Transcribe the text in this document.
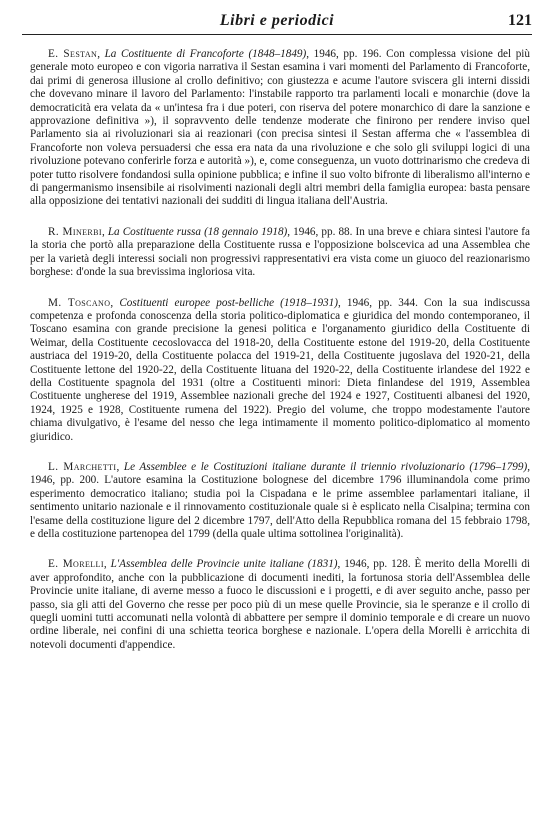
Libri e periodici	121

E. Sestan, La Costituente di Francoforte (1848–1849), 1946, pp. 196. Con complessa visione del più generale moto europeo e con vigoria narrativa il Sestan esamina i vari momenti del Parlamento di Francoforte, dai primi di generosa illusione al crollo definitivo; con giustezza e acume l'autore sviscera gli interni dissidi che dovevano minare il lavoro del Parlamento: l'instabile rapporto tra parlamenti locali e monarchie (dove la democraticità era velata da « un'intesa fra i due poteri, con riserva del potere monarchico di dare la sanzione e approvazione definitiva »), il sopravvento delle tendenze moderate che finirono per rendere inviso quel Parlamento sia ai rivoluzionari sia ai reazionari (con precisa sintesi il Sestan afferma che « l'assemblea di Francoforte non voleva persuadersi che essa era nata da una rivoluzione e che solo gli sviluppi logici di una rivoluzione potevano conferirle forza e autorità »), e, come conseguenza, un vuoto dottrinarismo che credeva di poter tutto risolvere fondandosi sulla opinione pubblica; e infine il suo volto bifronte di liberalismo all'interno e di pangermanismo insensibile ai risolvimenti nazionali degli altri membri della famiglia europea: basta pensare alla opposizione dei tentativi nazionali dei sudditi di lingua italiana dell'Austria.

R. Minerbi, La Costituente russa (18 gennaio 1918), 1946, pp. 88. In una breve e chiara sintesi l'autore fa la storia che portò alla preparazione della Costituente russa e l'opposizione bolscevica ad una Assemblea che per la varietà degli interessi sociali non progressivi rappresentativi era vista come un giuoco del reazionarismo borghese: d'onde la sua brevissima ingloriosa vita.

M. Toscano, Costituenti europee post-belliche (1918–1931), 1946, pp. 344. Con la sua indiscussa competenza e profonda conoscenza della storia politico-diplomatica e giuridica del mondo contemporaneo, il Toscano esamina con grande precisione la genesi politica e l'organamento giuridico della Costituente di Weimar, della Costituente cecoslovacca del 1918-20, della Costituente estone del 1919-20, della Costituente austriaca del 1919-20, della Costituente polacca del 1919-21, della Costituente jugoslava del 1920-21, della Costituente lettone del 1920-22, della Costituente lituana del 1920-22, della Costituente irlandese del 1922 e della Costituente spagnola del 1931 (oltre a Costituenti minori: Dieta finlandese del 1919, Assemblea Costituente ungherese del 1919, Assemblee nazionali greche del 1924 e 1927, Costituenti albanesi del 1920, 1924, 1925 e 1928, Costituente rumena del 1922). Pregio del volume, che troppo modestamente l'autore chiama divulgativo, è l'esame del nesso che lega intimamente il momento politico-diplomatico al momento giuridico.

L. Marchetti, Le Assemblee e le Costituzioni italiane durante il triennio rivoluzionario (1796–1799), 1946, pp. 200. L'autore esamina la Costituzione bolognese del dicembre 1796 illuminandola come primo esperimento democratico italiano; studia poi la Cispadana e le prime assemblee parlamentari italiane, il sentimento unitario nazionale e il rinnovamento costituzionale quale si è esplicato nella Cisalpina; termina con l'esame della costituzione ligure del 2 dicembre 1797, dell'Atto della Repubblica romana del 15 febbraio 1798, e della costituzione partenopea del 1799 (della quale ultima sottolinea l'originalità).

E. Morelli, L'Assemblea delle Provincie unite italiane (1831), 1946, pp. 128. È merito della Morelli di aver approfondito, anche con la pubblicazione di documenti inediti, la fortunosa storia dell'Assemblea delle Provincie unite italiane, di averne messo a fuoco le discussioni e i progetti, e di aver seguito anche, passo per passo, sia gli atti del Governo che resse per poco più di un mese quelle Provincie, sia le speranze e il crollo di quegli uomini tutti accomunati nella volontà di abbattere per sempre il dominio temporale e di creare un nuovo ordine liberale, nei confini di una schietta teorica borghese e nazionale. L'opera della Morelli è arricchita di notevoli documenti d'appendice.
